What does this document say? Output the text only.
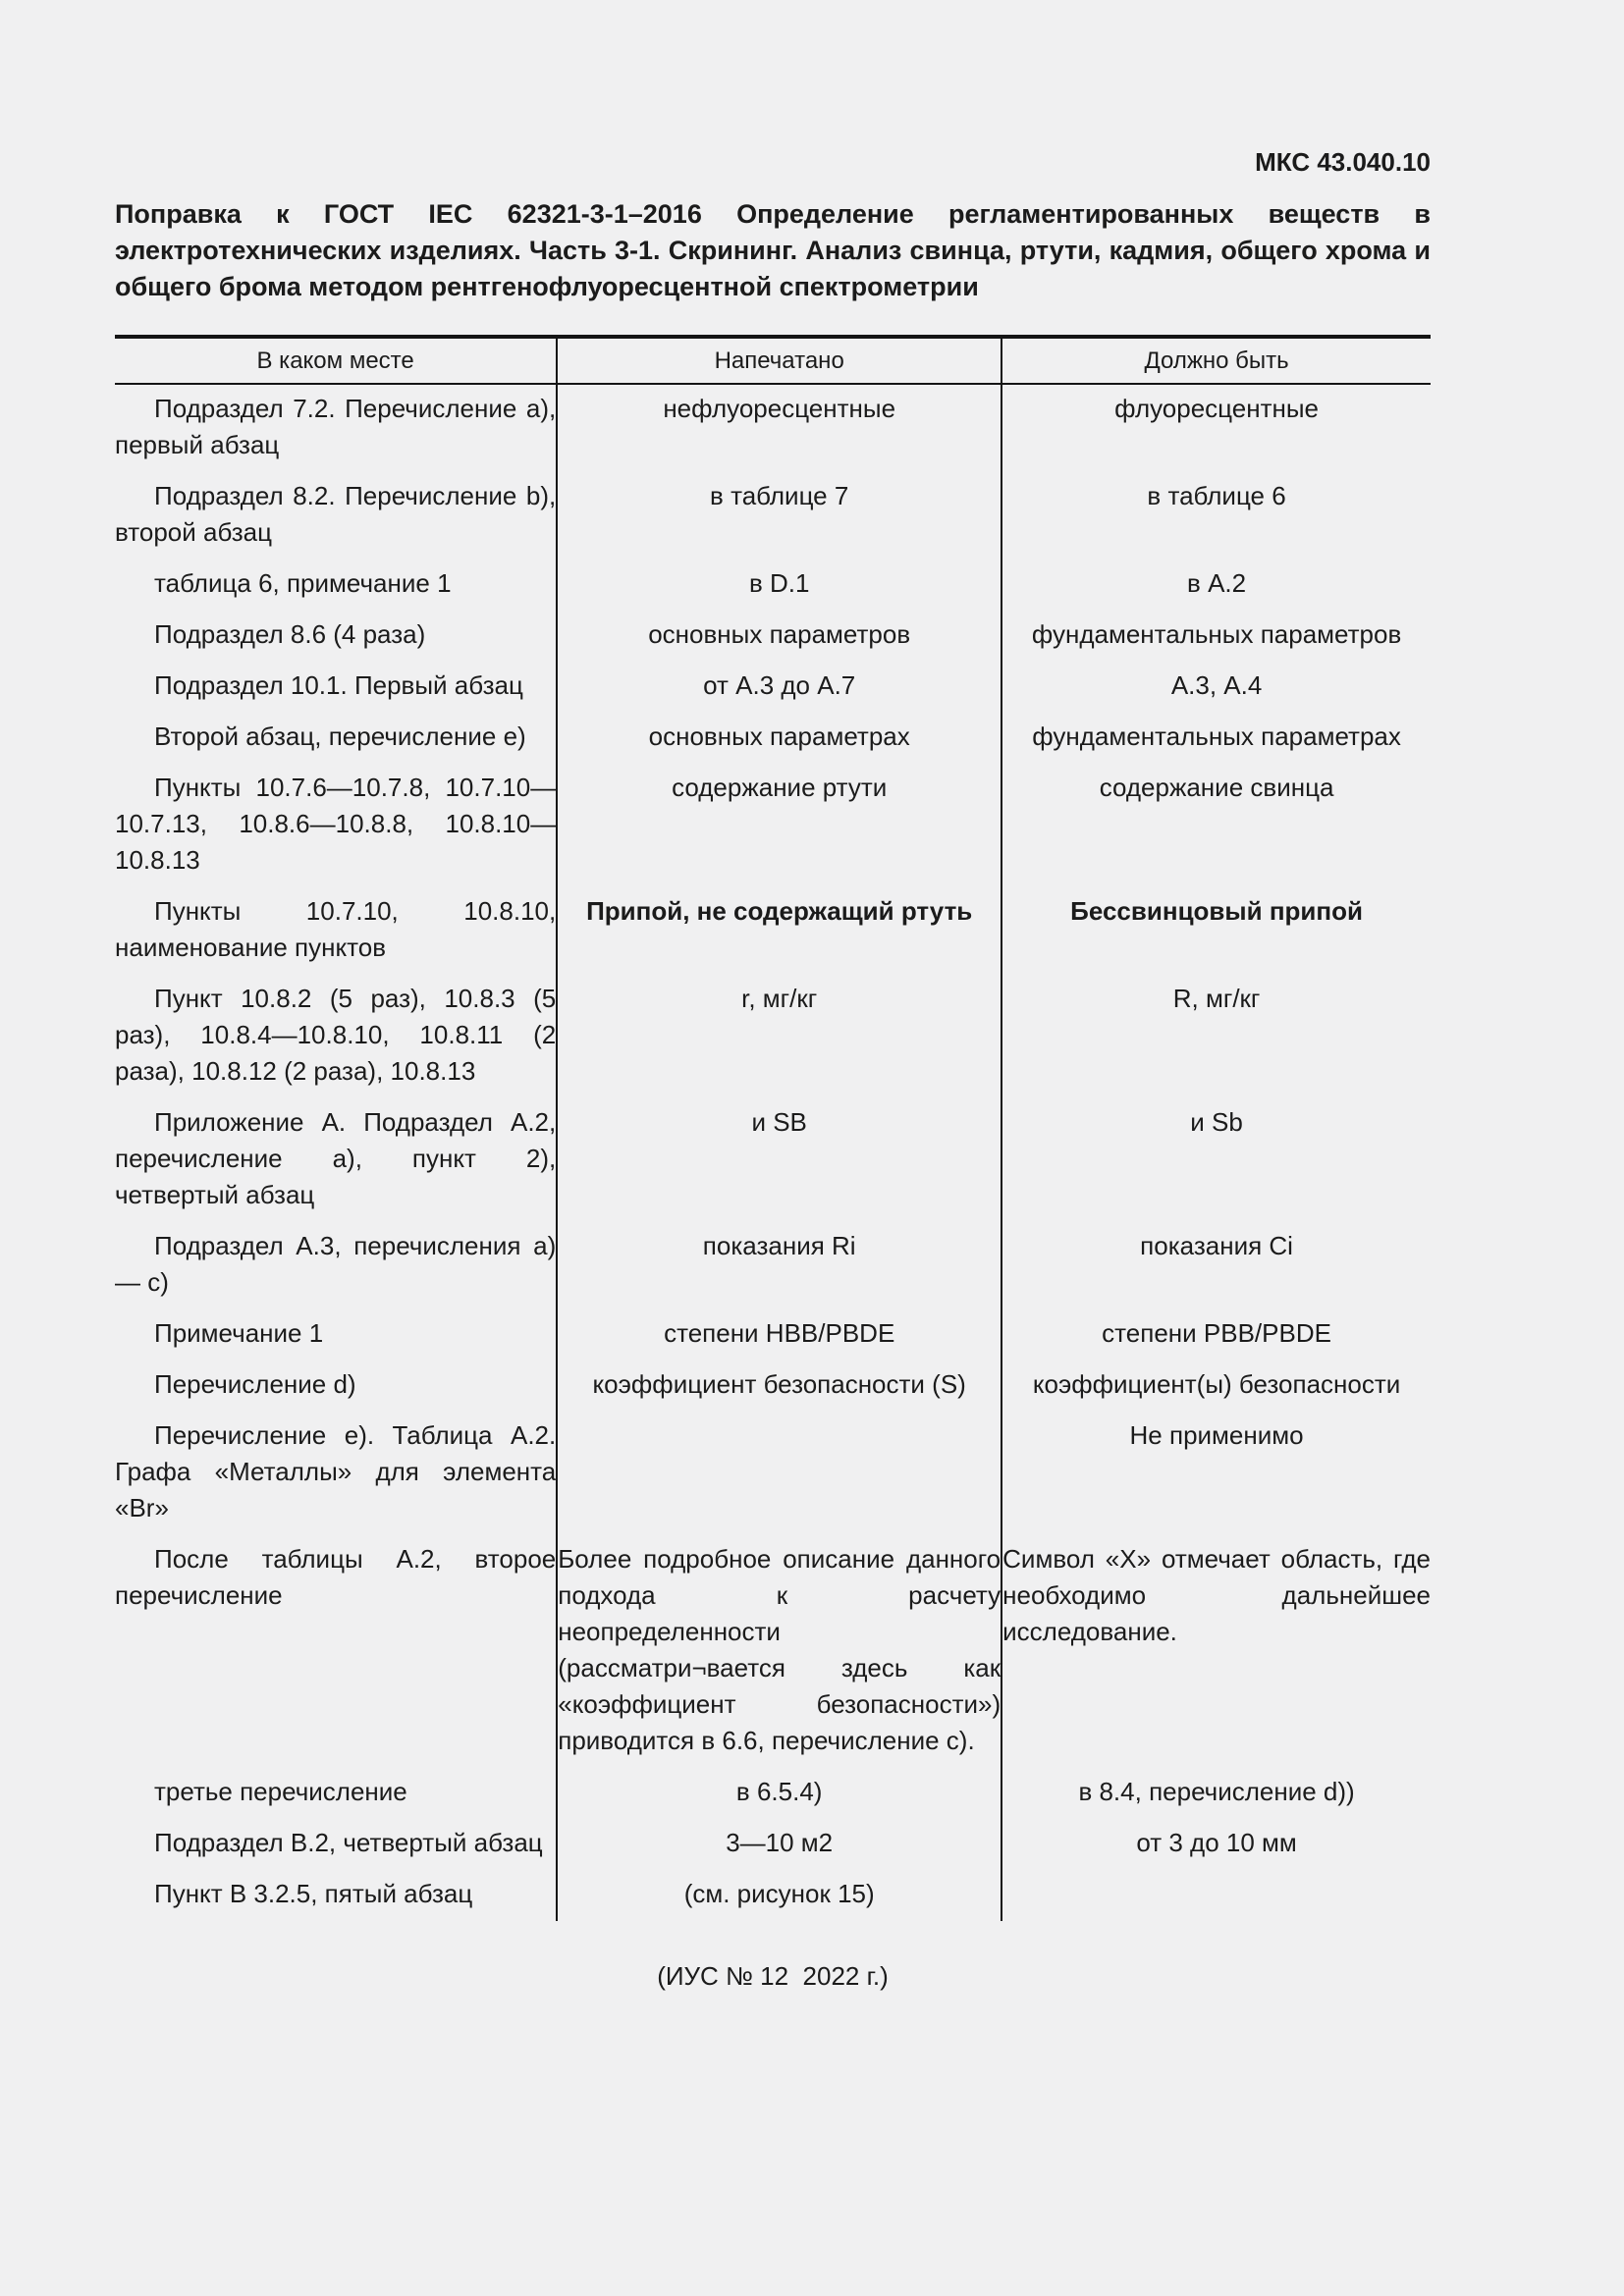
МКС 43.040.10

Поправка к ГОСТ IEC 62321-3-1–2016 Определение регламентированных веществ в электротехнических изделиях. Часть 3-1. Скрининг. Анализ свинца, ртути, кадмия, общего хрома и общего брома методом рентгенофлуоресцентной спектрометрии

В каком месте	Напечатано	Должно быть
Подраздел 7.2. Перечисление a), первый абзац	нефлуоресцентные	флуоресцентные
Подраздел 8.2. Перечисление b), второй абзац	в таблице 7	в таблице 6
таблица 6, примечание 1	в D.1	в А.2
Подраздел 8.6 (4 раза)	основных параметров	фундаментальных параметров
Подраздел 10.1. Первый абзац	от А.3 до А.7	А.3, А.4
Второй абзац, перечисление е)	основных параметрах	фундаментальных параметрах
Пункты 10.7.6—10.7.8, 10.7.10—10.7.13, 10.8.6—10.8.8, 10.8.10—10.8.13	содержание ртути	содержание свинца
Пункты 10.7.10, 10.8.10, наименование пунктов	Припой, не содержащий ртуть	Бессвинцовый припой
Пункт 10.8.2 (5 раз), 10.8.3 (5 раз), 10.8.4—10.8.10, 10.8.11 (2 раза), 10.8.12 (2 раза), 10.8.13	r, мг/кг	R, мг/кг
Приложение А. Подраздел А.2, перечисление а), пункт 2), четвертый абзац	и SB	и Sb
Подраздел А.3, перечисления a) — c)	показания Ri	показания Ci
Примечание 1	степени HBB/PBDE	степени PBB/PBDE
Перечисление d)	коэффициент безопасности (S)	коэффициент(ы) безопасности
Перечисление е). Таблица А.2. Графа «Металлы» для элемента «Br»		Не применимо
После таблицы А.2, второе перечисление	Более подробное описание данного подхода к расчету неопределенности (рассматри¬вается здесь как «коэффициент безопасности») приводится в 6.6, перечисление с).	Символ «X» отмечает область, где необходимо дальнейшее исследование.
третье перечисление	в 6.5.4)	в 8.4, перечисление d))
Подраздел В.2, четвертый абзац	3—10 м2	от 3 до 10 мм
Пункт В 3.2.5, пятый абзац	(см. рисунок 15)	
(ИУС № 12  2022 г.)
